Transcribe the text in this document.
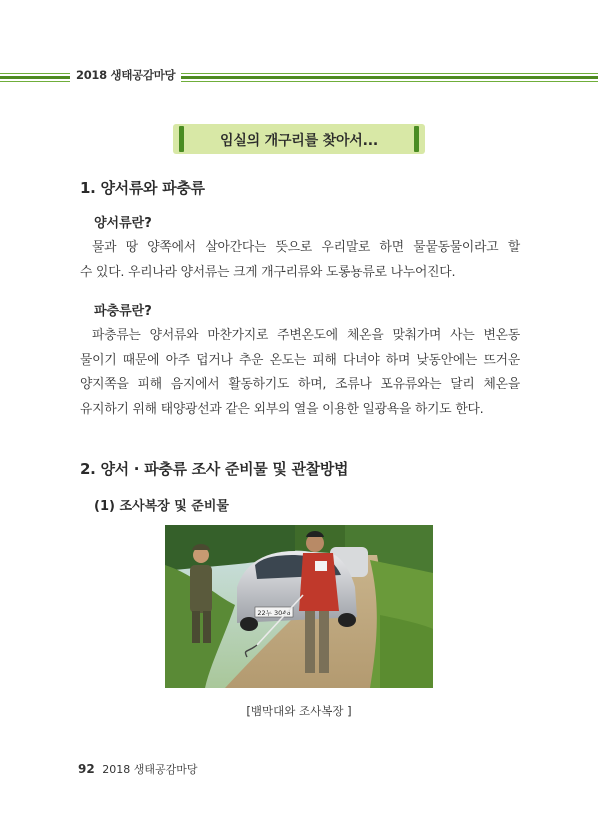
2018 생태공감마당
임실의 개구리를 찾아서...
1. 양서류와 파충류
양서류란?
물과 땅 양쪽에서 살아간다는 뜻으로 우리말로 하면 물뭍동물이라고 할
수 있다. 우리나라 양서류는 크게 개구리류와 도롱뇽류로 나누어진다.
파충류란?
파충류는 양서류와 마찬가지로 주변온도에 체온을 맞춰가며 사는 변온동
물이기 때문에 아주 덥거나 추운 온도는 피해 다녀야 하며 낮동안에는 뜨거운
양지쪽을 피해 음지에서 활동하기도 하며, 조류나 포유류와는 달리 체온을
유지하기 위해 태양광선과 같은 외부의 열을 이용한 일광욕을 하기도 한다.
2. 양서 · 파충류 조사 준비물 및 관찰방법
(1) 조사복장 및 준비물
22누 3046
[뱀막대와 조사복장 ]
92 2018 생태공감마당
